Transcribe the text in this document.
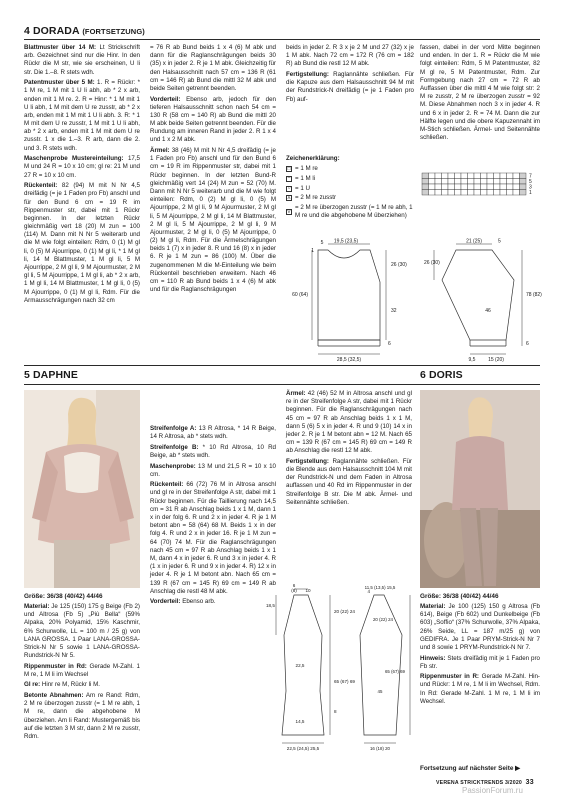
4 DORADA (FORTSETZUNG)

Blattmuster über 14 M: Lt Strickschrift arb. Gezeichnet sind nur die Hinr. In den Rückr die M str, wie sie erscheinen, U li str. Die 1.–8. R stets wdh.

Patentmuster über 5 M: 1. R = Rückr: * 1 M re, 1 M mit 1 U li abh, ab * 2 x arb, enden mit 1 M re. 2. R = Hinr: * 1 M mit 1 U li abh, 1 M mit dem U re zusstr, ab * 2 x arb, enden mit 1 M mit 1 U li abh. 3. R: * 1 M mit dem U re zusstr, 1 M mit 1 U li abh, ab * 2 x arb, enden mit 1 M mit dem U re zusstr. 1 x die 1.–3. R arb, dann die 2. und 3. R stets wdh.

Maschenprobe Mustereinteilung: 17,5 M und 24 R = 10 x 10 cm; gl re: 21 M und 27 R = 10 x 10 cm.

Rückenteil: 82 (94) M mit N Nr 4,5 dreifädig (= je 1 Faden pro Fb) anschl und für den Bund 6 cm = 19 R im Rippenmuster str, dabei mit 1 Rückr beginnen. In der letzten Rückr gleichmäßig vert 18 (20) M zun = 100 (114) M. Dann mit N Nr 5 weiterarb und die M wie folgt einteilen: Rdm, 0 (1) M gl li, 0 (5) M Ajourrippe, 0 (1) M gl li, * 1 M gl li, 14 M Blattmuster, 1 M gl li, 5 M Ajourrippe, 2 M gl li, 9 M Ajourmuster, 2 M gl li, 5 M Ajourrippe, 1 M gl li, ab * 2 x arb, 1 M gl li, 14 M Blattmuster, 1 M gl li, 0 (5) M Ajourrippe, 0 (1) M gl li, Rdm. Für die Armausschrägungen nach 32 cm

= 76 R ab Bund beids 1 x 4 (6) M abk und dann für die Raglanschrägungen beids 30 (35) x in jeder 2. R je 1 M abk. Gleichzeitig für den Halsausschnitt nach 57 cm = 136 R (61 cm = 146 R) ab Bund die mittl 32 M abk und beide Seiten getrennt beenden.

Vorderteil: Ebenso arb, jedoch für den tieferen Halsausschnitt schon nach 54 cm = 130 R (58 cm = 140 R) ab Bund die mittl 20 M abk beide Seiten getrennt beenden. Für die Rundung am inneren Rand in jeder 2. R 1 x 4 und 1 x 2 M abk.

Ärmel: 38 (46) M mit N Nr 4,5 dreifädig (= je 1 Faden pro Fb) anschl und für den Bund 6 cm = 19 R im Rippenmuster str, dabei mit 1 Rückr beginnen. In der letzten Bund-R gleichmäßig vert 14 (24) M zun = 52 (70) M. Dann mit N Nr 5 weiterarb und die M wie folgt einteilen: Rdm, 0 (2) M gl li, 0 (5) M Ajourrippe, 2 M gl li, 9 M Ajourmuster, 2 M gl li, 5 M Ajourrippe, 2 M gl li, 14 M Blattmuster, 2 M gl li, 5 M Ajourrippe, 2 M gl li, 9 M Ajourmuster, 2 M gl li, 0 (5) M Ajourrippe, 0 (2) M gl li, Rdm. Für die Ärmelschrägungen beids 1 (7) x in jeder 8. R und 16 (8) x in jeder 6. R je 1 M zun = 86 (100) M. Über die zugenommenen M die M-Einteilung wie beim Rückenteil beschrieben erweitern. Nach 46 cm = 110 R ab Bund beids 1 x 4 (6) M abk und für die Raglanschrägungen

beids in jeder 2. R 3 x je 2 M und 27 (32) x je 1 M abk. Nach 72 cm = 172 R (76 cm = 182 R) ab Bund die restl 12 M abk.

Fertigstellung: Raglannähte schließen. Für die Kapuze aus dem Halsausschnitt 94 M mit der Rundstrick-N dreifädig (= je 1 Faden pro Fb) auf-

fassen, dabei in der vord Mitte beginnen und enden. In der 1. R = Rückr die M wie folgt einteilen: Rdm, 5 M Patentmuster, 82 M gl re, 5 M Patentmuster, Rdm. Zur Formgebung nach 27 cm = 72 R ab Auffassen über die mittl 4 M wie folgt str: 2 M re zusstr, 2 M re überzogen zusstr = 92 M. Diese Abnahmen noch 3 x in jeder 4. R und 6 x in jeder 2. R = 74 M. Dann die zur Hälfte legen und die obere Kapuzennaht im M-Stich schließen. Ärmel- und Seitennähte schließen.

Zeichenerklärung:
□ = 1 M re
– = 1 M li
○ = 1 U
⋏ = 2 M re zusstr
⋎
= 2 M re überzogen zusstr (= 1 M re abh, 1 M re und die abgehobene M überziehen)
7
5
3
1
19,5 (23,5)
5
1
26 (30)
32
60 (64)
28,5 (32,5)
6
21 (25)	5
26 (30)
46
78 (82)
9,5	15 (20)
6
5 DAPHNE	6 DORIS
Größe: 36/38 (40/42) 44/46

Material: Je 125 (150) 175 g Beige (Fb 2) und Altrosa (Fb 5) „Più Bella“ (59% Alpaka, 20% Polyamid, 15% Kaschmir, 6% Schurwolle, LL = 100 m / 25 g) von LANA GROSSA. 1 Paar LANA-GROSSA-Strick-N Nr 5 sowie 1 LANA-GROSSA-Rundstrick-N Nr 5.

Rippenmuster in Rd: Gerade M-Zahl. 1 M re, 1 M li im Wechsel

Gl re: Hinr re M, Rückr li M.

Betonte Abnahmen: Am re Rand: Rdm, 2 M re überzogen zusstr (= 1 M re abh, 1 M re, dann die abgehobene M überziehen. Am li Rand: Mustergemäß bis auf die letzten 3 M str, dann 2 M re zusstr, Rdm.

Streifenfolge A: 13 R Altrosa, * 14 R Beige, 14 R Altrosa, ab * stets wdh.

Streifenfolge B: * 10 Rd Altrosa, 10 Rd Beige, ab * stets wdh.

Maschenprobe: 13 M und 21,5 R = 10 x 10 cm.

Rückenteil: 66 (72) 76 M in Altrosa anschl und gl re in der Streifenfolge A str, dabei mit 1 Rückr beginnen. Für die Taillierung nach 14,5 cm = 31 R ab Anschlag beids 1 x 1 M, dann 1 x in der folg 6. R und 2 x in jeder 4. R je 1 M betont abn = 58 (64) 68 M. Beids 1 x in der folg 4. R und 2 x in jeder 16. R je 1 M zun = 64 (70) 74 M. Für die Raglanschrägungen nach 45 cm = 97 R ab Anschlag beids 1 x 1 M, dann 4 x in jeder 6. R und 3 x in jeder 4. R (1 x in jeder 6. R und 9 x in jeder 4. R) 12 x in jeder 4. R je 1 M betont abn. Nach 65 cm = 139 R (67 cm = 145 R) 69 cm = 149 R ab Anschlag die restl 48 M abk.

Vorderteil: Ebenso arb.

Ärmel: 42 (46) 52 M in Altrosa anschl und gl re in der Streifenfolge A str, dabei mit 1 Rückr beginnen. Für die Raglanschrägungen nach 45 cm = 97 R ab Anschlag beids 1 x 1 M, dann 5 (6) 5 x in jeder 4. R und 9 (10) 14 x in jeder 2. R je 1 M betont abn = 12 M. Nach 65 cm = 139 R (67 cm = 145 R) 69 cm = 149 R ab Anschlag die restl 12 M abk.

Fertigstellung: Raglannähte schließen. Für die Blende aus dem Halsausschnitt 104 M mit der Rundstrick-N und dem Faden in Altrosa auffassen und 40 Rd im Rippenmuster in der Streifenfolge B str. Die M abk. Ärmel- und Seitennähte schließen.

6
(8) 10
18,5
20 (22) 24
22,5
14,5
65 (67) 69
8
22,5 (24,5) 25,5
11,5 (13,5) 15,5
4
20 (22) 24
45
65 (67) 69
16 (18) 20
Größe: 36/38 (40/42) 44/46

Material: Je 100 (125) 150 g Altrosa (Fb 614), Beige (Fb 602) und Dunkelbeige (Fb 603) „Soffio“ (37% Schurwolle, 37% Alpaka, 26% Seide, LL = 187 m/25 g) von GEDIFRA. Je 1 Paar PRYM-Strick-N Nr 7 und 8 sowie 1 PRYM-Rundstrick-N Nr 7.

Hinweis: Stets dreifädig mit je 1 Faden pro Fb str.

Rippenmuster in R: Gerade M-Zahl. Hin- und Rückr: 1 M re, 1 M li im Wechsel, Rdm. In Rd: Gerade M-Zahl. 1 M re, 1 M li im Wechsel.

Fortsetzung auf nächster Seite ▶
VERENA STRICKTRENDS 3/2020 33
PassionForum.ru
